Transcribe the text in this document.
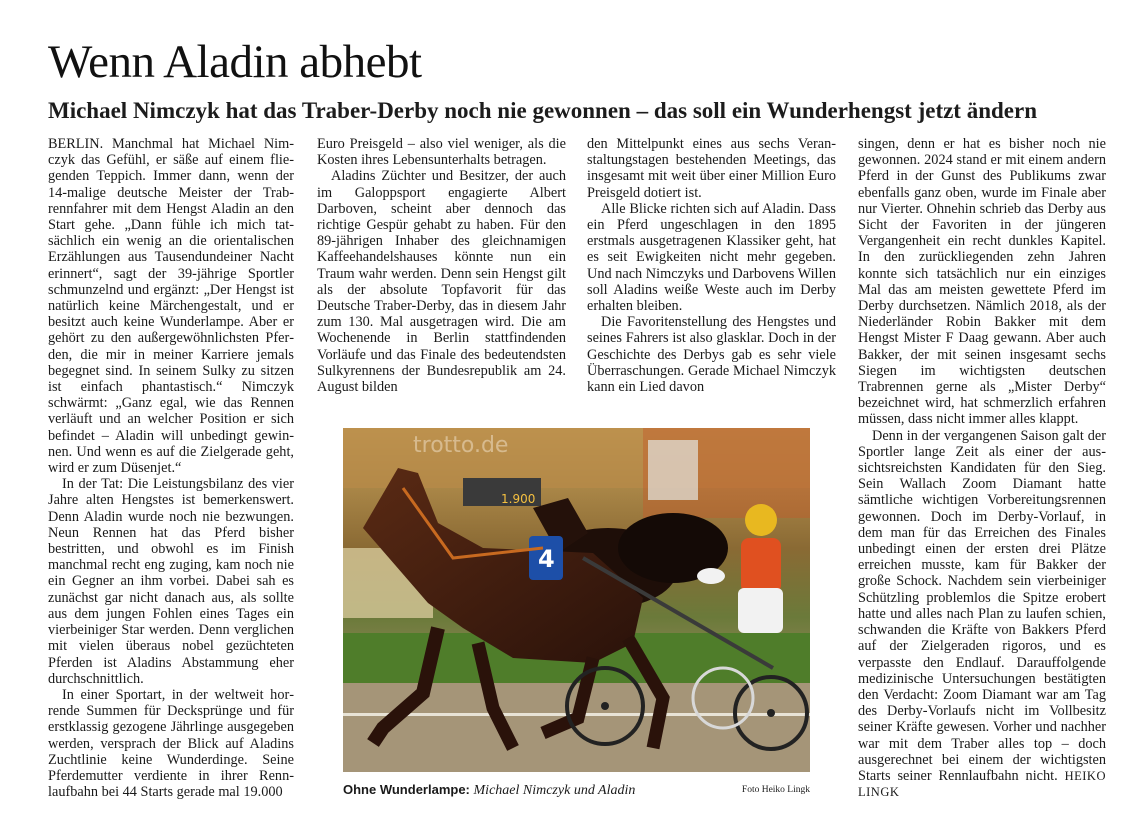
Wenn Aladin abhebt
Michael Nimczyk hat das Traber-Derby noch nie gewonnen – das soll ein Wunderhengst jetzt ändern

BERLIN. Manchmal hat Michael Nimczyk das Gefühl, er säße auf einem fliegenden Teppich. Immer dann, wenn der 14-malige deutsche Meister der Trabrennfahrer mit dem Hengst Aladin an den Start gehe. „Dann fühle ich mich tatsächlich ein wenig an die orientalischen Erzählungen aus Tausendundeiner Nacht erinnert“, sagt der 39-jährige Sportler schmunzelnd und ergänzt: „Der Hengst ist natürlich keine Märchengestalt, und er besitzt auch keine Wunderlampe. Aber er gehört zu den außergewöhnlichsten Pferden, die mir in meiner Karriere jemals begegnet sind. In seinem Sulky zu sitzen ist einfach phantastisch.“ Nimczyk schwärmt: „Ganz egal, wie das Rennen verläuft und an welcher Position er sich befindet – Aladin will unbedingt gewinnen. Und wenn es auf die Zielgerade geht, wird er zum Düsenjet.“

In der Tat: Die Leistungsbilanz des vier Jahre alten Hengstes ist bemerkenswert. Denn Aladin wurde noch nie bezwungen. Neun Rennen hat das Pferd bisher bestritten, und obwohl es im Finish manchmal recht eng zuging, kam noch nie ein Gegner an ihm vorbei. Dabei sah es zunächst gar nicht danach aus, als sollte aus dem jungen Fohlen eines Tages ein vierbeiniger Star werden. Denn verglichen mit vielen überaus nobel gezüchteten Pferden ist Aladins Abstammung eher durchschnittlich.

In einer Sportart, in der weltweit horrende Summen für Decksprünge und für erstklassig gezogene Jährlinge ausgegeben werden, versprach der Blick auf Aladins Zuchtlinie keine Wunderdinge. Seine Pferdemutter verdiente in ihrer Rennlaufbahn bei 44 Starts gerade mal 19.000

Euro Preisgeld – also viel weniger, als die Kosten ihres Lebensunterhalts betragen.

Aladins Züchter und Besitzer, der auch im Galoppsport engagierte Albert Darboven, scheint aber dennoch das richtige Gespür gehabt zu haben. Für den 89-jährigen Inhaber des gleichnamigen Kaffeehandelshauses könnte nun ein Traum wahr werden. Denn sein Hengst gilt als der absolute Topfavorit für das Deutsche Traber-Derby, das in diesem Jahr zum 130. Mal ausgetragen wird. Die am Wochenende in Berlin stattfindenden Vorläufe und das Finale des bedeutendsten Sulkyrennens der Bundesrepublik am 24. August bilden

den Mittelpunkt eines aus sechs Veranstaltungstagen bestehenden Meetings, das insgesamt mit weit über einer Million Euro Preisgeld dotiert ist.

Alle Blicke richten sich auf Aladin. Dass ein Pferd ungeschlagen in den 1895 erstmals ausgetragenen Klassiker geht, hat es seit Ewigkeiten nicht mehr gegeben. Und nach Nimczyks und Darbovens Willen soll Aladins weiße Weste auch im Derby erhalten bleiben.

Die Favoritenstellung des Hengstes und seines Fahrers ist also glasklar. Doch in der Geschichte des Derbys gab es sehr viele Überraschungen. Gerade Michael Nimczyk kann ein Lied davon

singen, denn er hat es bisher noch nie gewonnen. 2024 stand er mit einem andern Pferd in der Gunst des Publikums zwar ebenfalls ganz oben, wurde im Finale aber nur Vierter. Ohnehin schrieb das Derby aus Sicht der Favoriten in der jüngeren Vergangenheit ein recht dunkles Kapitel. In den zurückliegenden zehn Jahren konnte sich tatsächlich nur ein einziges Mal das am meisten gewettete Pferd im Derby durchsetzen. Nämlich 2018, als der Niederländer Robin Bakker mit dem Hengst Mister F Daag gewann. Aber auch Bakker, der mit seinen insgesamt sechs Siegen im wichtigsten deutschen Trabrennen gerne als „Mister Derby“ bezeichnet wird, hat schmerzlich erfahren müssen, dass nicht immer alles klappt.

Denn in der vergangenen Saison galt der Sportler lange Zeit als einer der aussichtsreichsten Kandidaten für den Sieg. Sein Wallach Zoom Diamant hatte sämtliche wichtigen Vorbereitungsrennen gewonnen. Doch im Derby-Vorlauf, in dem man für das Erreichen des Finales unbedingt einen der ersten drei Plätze erreichen musste, kam für Bakker der große Schock. Nachdem sein vierbeiniger Schützling problemlos die Spitze erobert hatte und alles nach Plan zu laufen schien, schwanden die Kräfte von Bakkers Pferd auf der Zielgeraden rigoros, und es verpasste den Endlauf. Darauffolgende medizinische Untersuchungen bestätigten den Verdacht: Zoom Diamant war am Tag des Derby-Vorlaufs nicht im Vollbesitz seiner Kräfte gewesen. Vorher und nachher war mit dem Traber alles top – doch ausgerechnet bei einem der wichtigsten Starts seiner Rennlaufbahn nicht. HEIKO LINGK

trotto.de
1.900
4
Ohne Wunderlampe: Michael Nimczyk und Aladin	Foto Heiko Lingk
